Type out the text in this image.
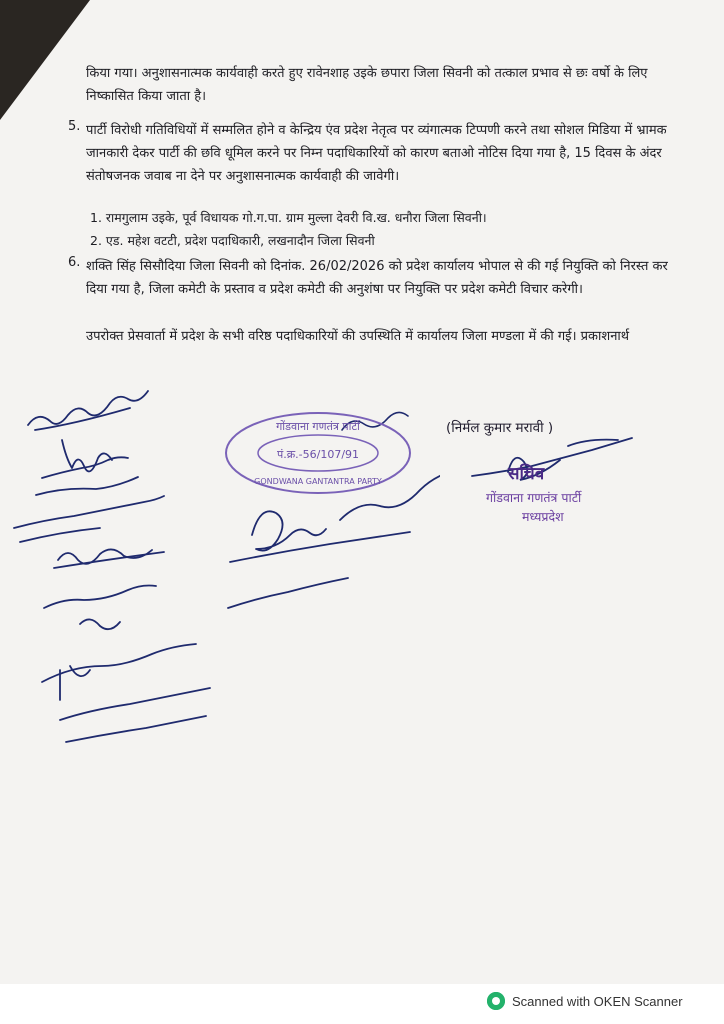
किया गया। अनुशासनात्मक कार्यवाही करते हुए रावेनशाह उइके छपारा जिला सिवनी को तत्काल प्रभाव से छः वर्षो के लिए निष्कासित किया जाता है।

5. पार्टी विरोधी गतिविधियों में सम्मलित होने व केन्द्रिय एंव प्रदेश नेतृत्व पर व्यंगात्मक टिप्पणी करने तथा सोशल मिडिया में भ्रामक जानकारी देकर पार्टी की छवि धूमिल करने पर निम्न पदाधिकारियों को कारण बताओ नोटिस दिया गया है, 15 दिवस के अंदर संतोषजनक जवाब ना देने पर अनुशासनात्मक कार्यवाही की जावेगी।

1. रामगुलाम उइके, पूर्व विधायक गो.ग.पा. ग्राम मुल्ला देवरी वि.ख. धनौरा जिला सिवनी।
2. एड. महेश वटटी, प्रदेश पदाधिकारी, लखनादौन जिला सिवनी
6. शक्ति सिंह सिसौदिया जिला सिवनी को दिनांक. 26/02/2026 को प्रदेश कार्यालय भोपाल से की गई नियुक्ति को निरस्त कर दिया गया है, जिला कमेटी के प्रस्ताव व प्रदेश कमेटी की अनुशंषा पर नियुक्ति पर प्रदेश कमेटी विचार करेगी।

उपरोक्त प्रेसवार्ता में प्रदेश के सभी वरिष्ठ पदाधिकारियों की उपस्थिति में कार्यालय जिला मण्डला में की गई। प्रकाशनार्थ

गोंडवाना गणतंत्र पार्टी
पं.क्र.-56/107/91
GONDWANA GANTANTRA PARTY
(निर्मल कुमार मरावी )
सचिव
गोंडवाना गणतंत्र पार्टी
मध्यप्रदेश
Scanned with OKEN Scanner
